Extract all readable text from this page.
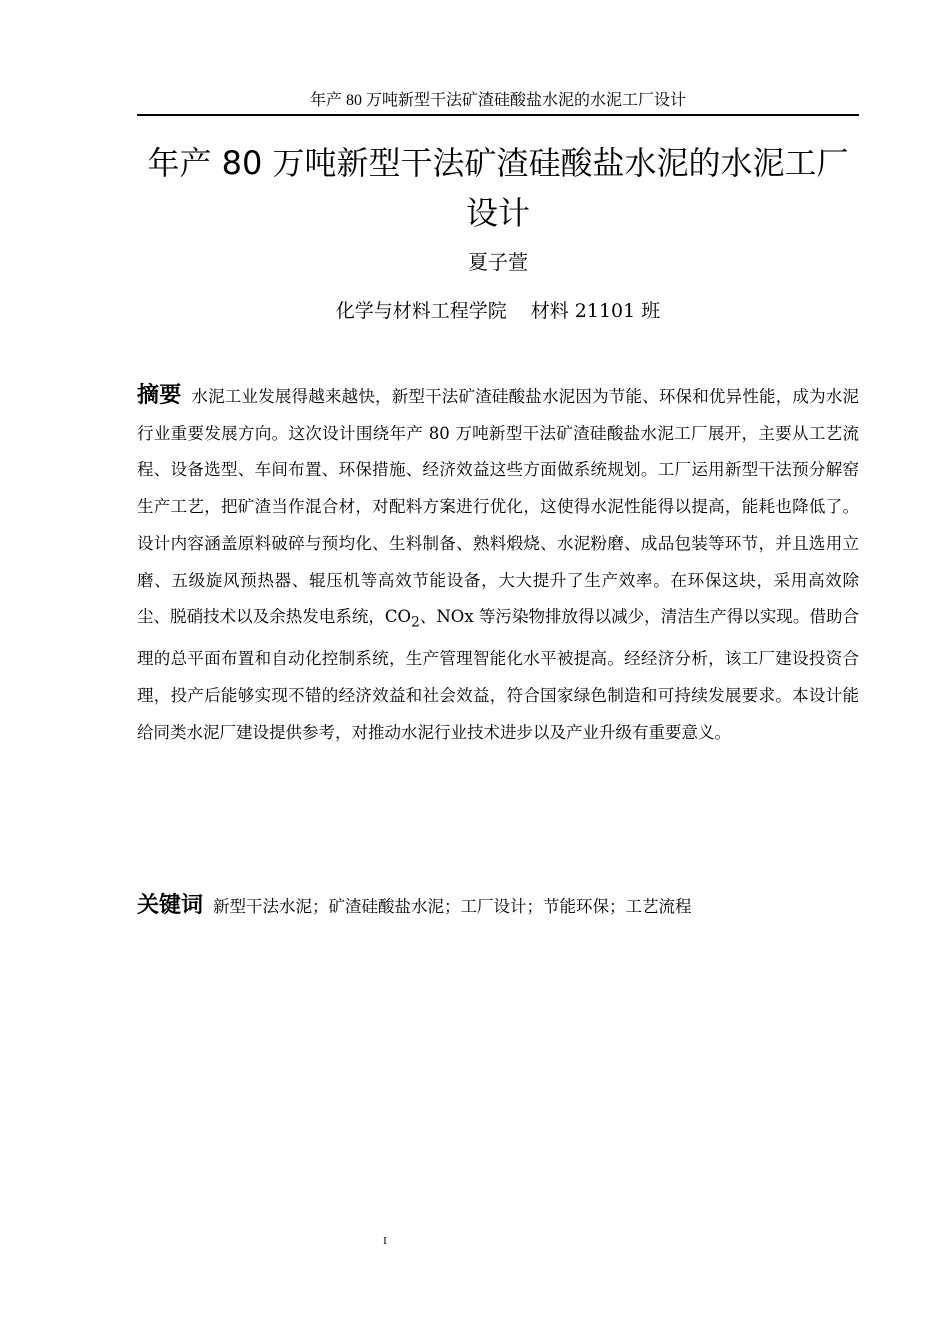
年产 80 万吨新型干法矿渣硅酸盐水泥的水泥工厂设计
年产 80 万吨新型干法矿渣硅酸盐水泥的水泥工厂设计
夏子萱
化学与材料工程学院 材料 21101 班

摘要 水泥工业发展得越来越快，新型干法矿渣硅酸盐水泥因为节能、环保和优异性能，成为水泥行业重要发展方向。这次设计围绕年产 80 万吨新型干法矿渣硅酸盐水泥工厂展开，主要从工艺流程、设备选型、车间布置、环保措施、经济效益这些方面做系统规划。工厂运用新型干法预分解窑生产工艺，把矿渣当作混合材，对配料方案进行优化，这使得水泥性能得以提高，能耗也降低了。设计内容涵盖原料破碎与预均化、生料制备、熟料煅烧、水泥粉磨、成品包装等环节，并且选用立磨、五级旋风预热器、辊压机等高效节能设备，大大提升了生产效率。在环保这块，采用高效除尘、脱硝技术以及余热发电系统，$CO_2$、NOx 等污染物排放得以减少，清洁生产得以实现。借助合理的总平面布置和自动化控制系统，生产管理智能化水平被提高。经经济分析，该工厂建设投资合理，投产后能够实现不错的经济效益和社会效益，符合国家绿色制造和可持续发展要求。本设计能给同类水泥厂建设提供参考，对推动水泥行业技术进步以及产业升级有重要意义。

关键词 新型干法水泥；矿渣硅酸盐水泥；工厂设计；节能环保；工艺流程

I
